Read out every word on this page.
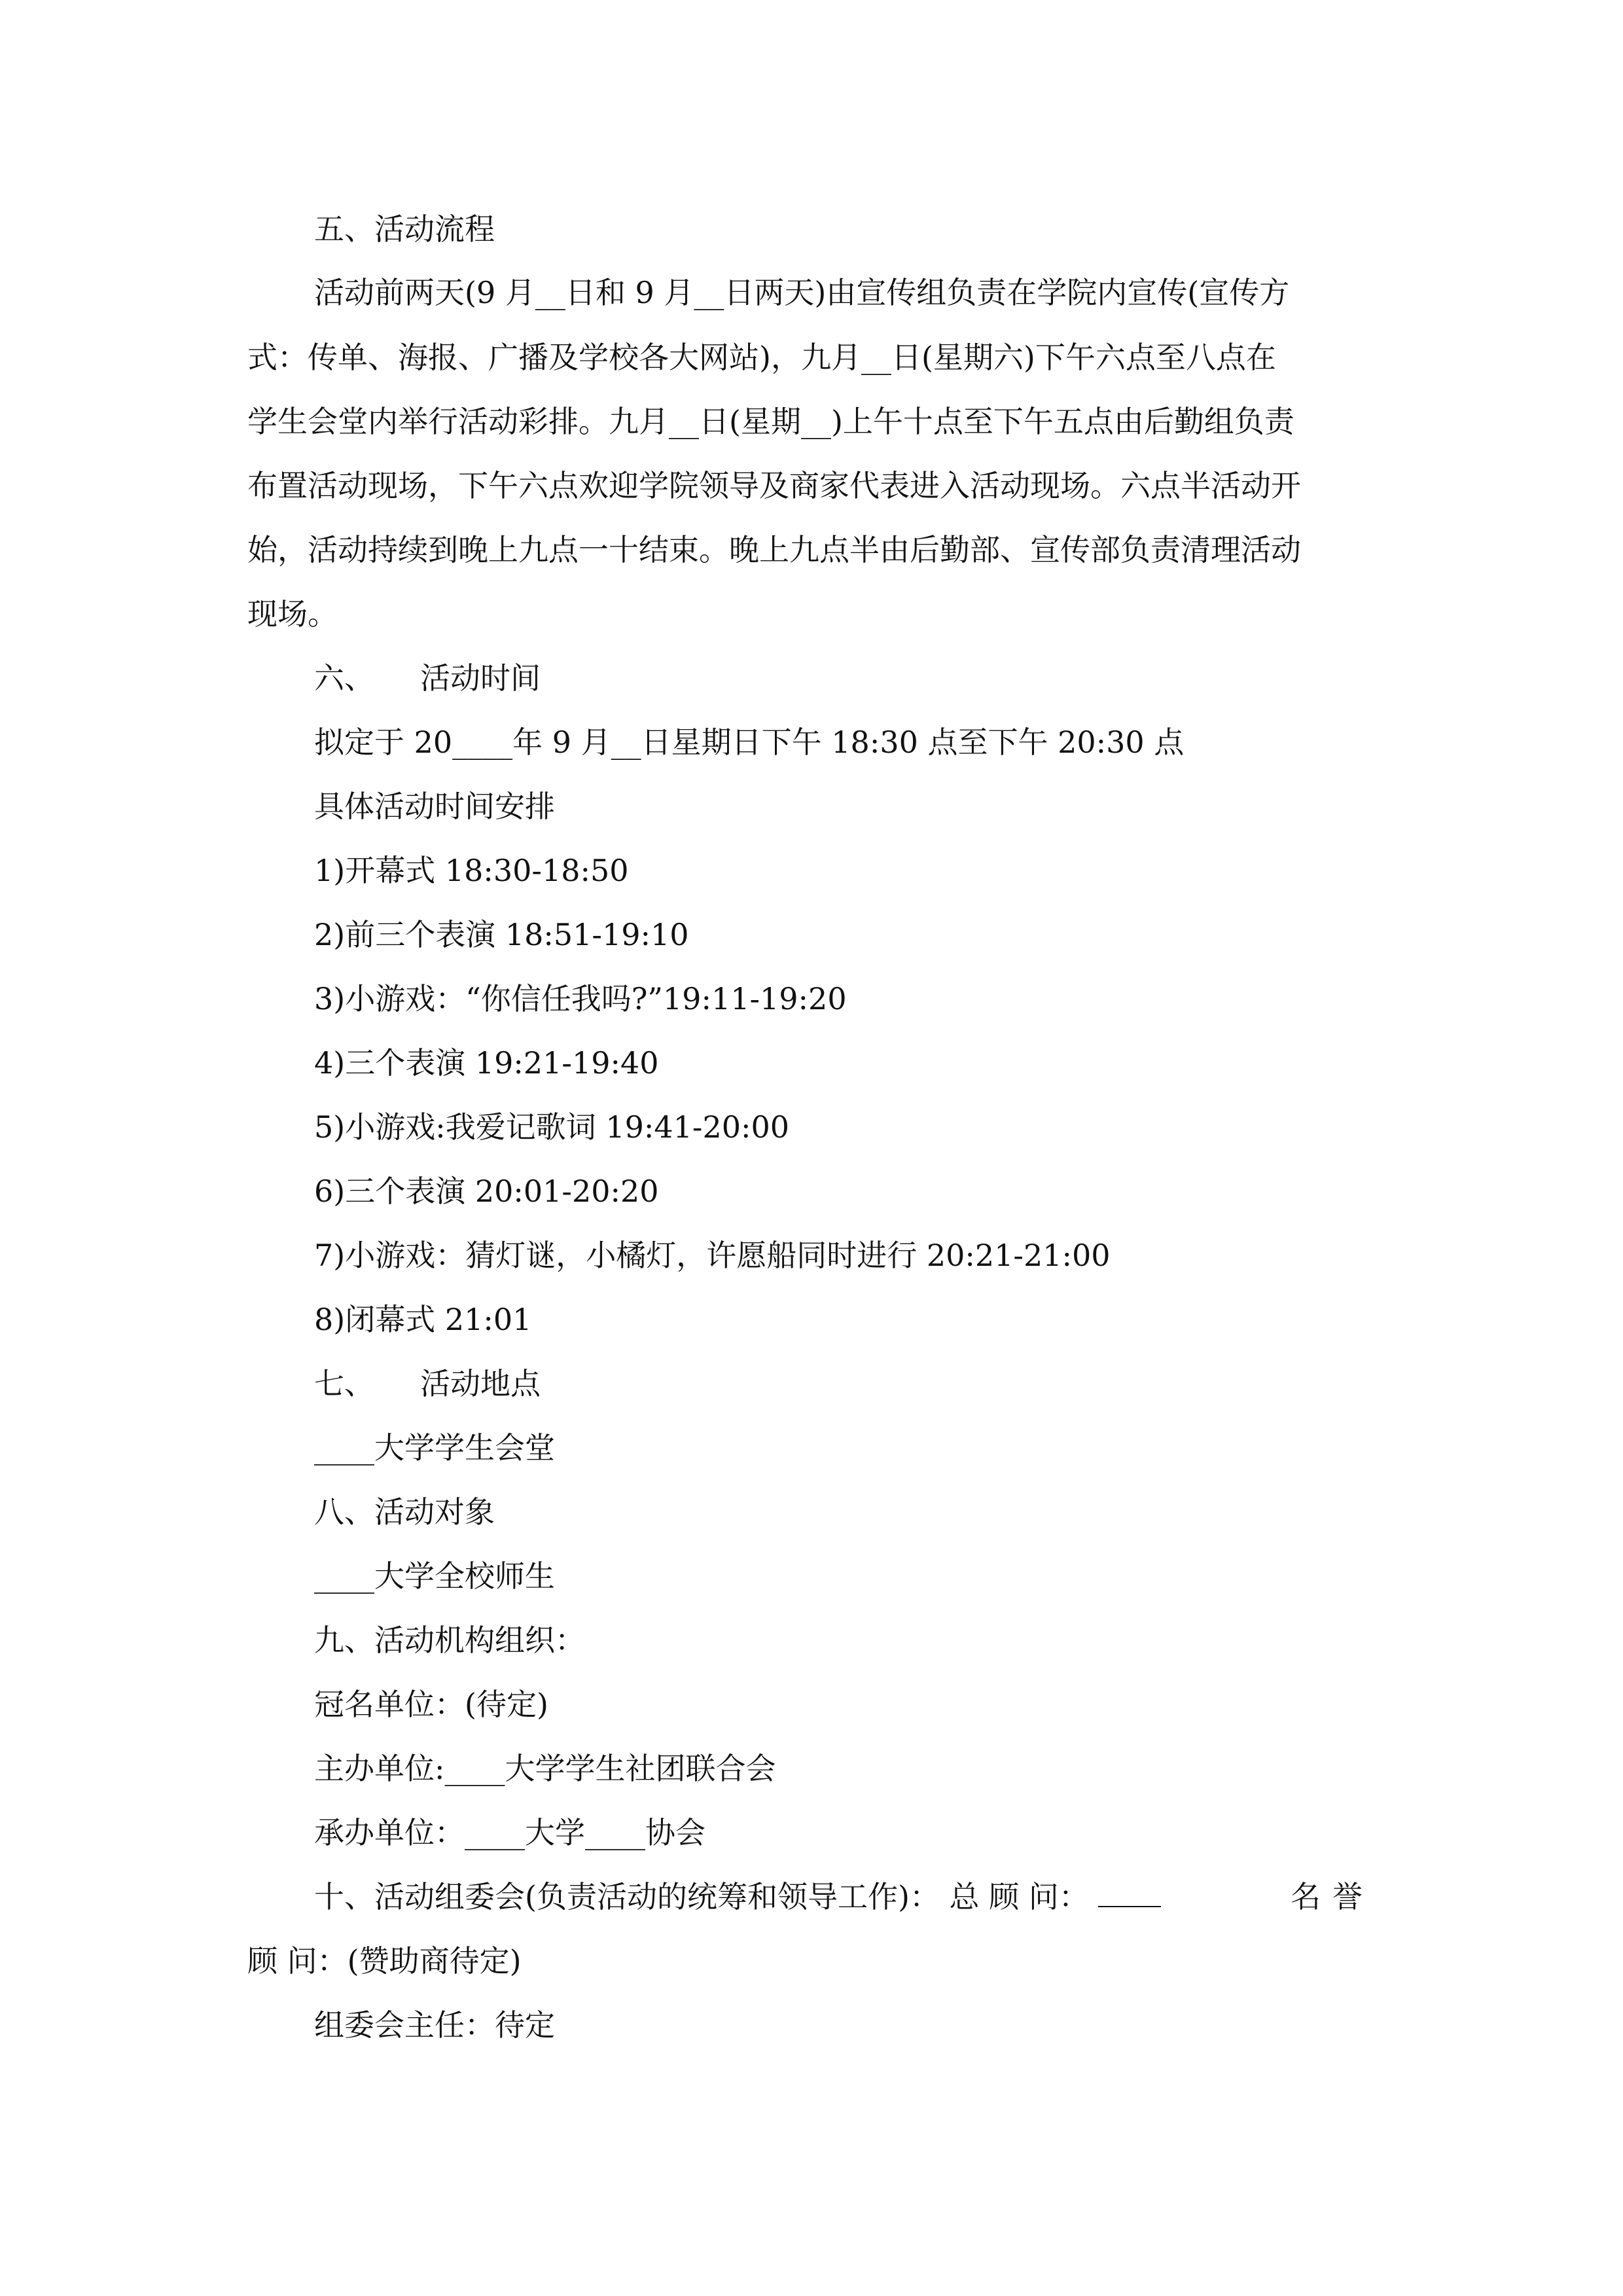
五、活动流程
活动前两天(9 月__日和 9 月__日两天)由宣传组负责在学院内宣传(宣传方
式：传单、海报、广播及学校各大网站)，九月__日(星期六)下午六点至八点在
学生会堂内举行活动彩排。九月__日(星期__)上午十点至下午五点由后勤组负责
布置活动现场，下午六点欢迎学院领导及商家代表进入活动现场。六点半活动开
始，活动持续到晚上九点一十结束。晚上九点半由后勤部、宣传部负责清理活动
现场。
六、 活动时间
拟定于 20____年 9 月__日星期日下午 18:30 点至下午 20:30 点
具体活动时间安排
1)开幕式 18:30-18:50
2)前三个表演 18:51-19:10
3)小游戏：“你信任我吗?”19:11-19:20
4)三个表演 19:21-19:40
5)小游戏:我爱记歌词 19:41-20:00
6)三个表演 20:01-20:20
7)小游戏：猜灯谜，小橘灯，许愿船同时进行 20:21-21:00
8)闭幕式 21:01
七、 活动地点
____大学学生会堂
八、活动对象
____大学全校师生
九、活动机构组织：
冠名单位：(待定)
主办单位:____大学学生社团联合会
承办单位：____大学____协会
十、活动组委会(负责活动的统筹和领导工作)： 总 顾 问：	名誉
顾 问：(赞助商待定)
组委会主任：待定
